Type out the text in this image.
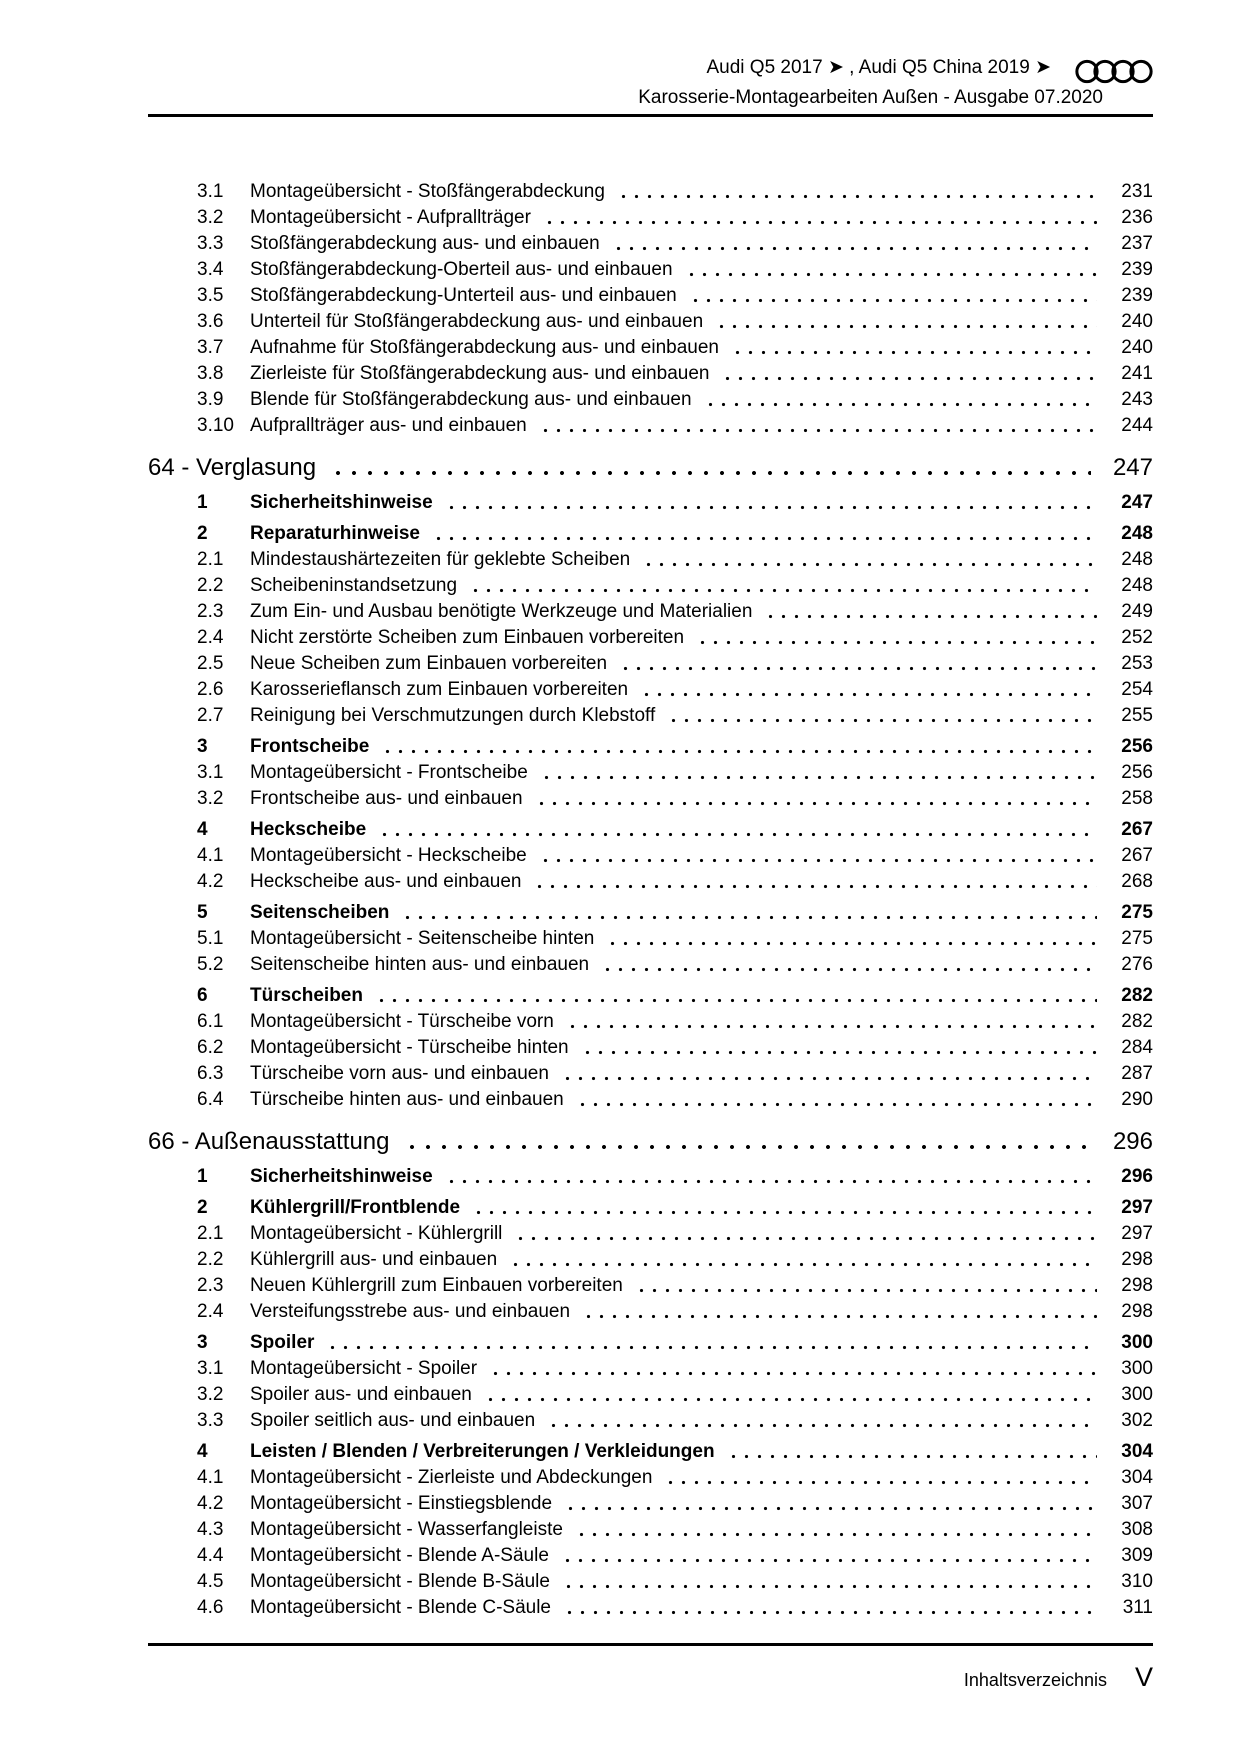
Audi Q5 2017 ➤ , Audi Q5 China 2019 ➤
Karosserie-Montagearbeiten Außen - Ausgabe 07.2020
3.1	Montageübersicht - Stoßfängerabdeckung	231
3.2	Montageübersicht - Aufprallträger	236
3.3	Stoßfängerabdeckung aus- und einbauen	237
3.4	Stoßfängerabdeckung-Oberteil aus- und einbauen	239
3.5	Stoßfängerabdeckung-Unterteil aus- und einbauen	239
3.6	Unterteil für Stoßfängerabdeckung aus- und einbauen	240
3.7	Aufnahme für Stoßfängerabdeckung aus- und einbauen	240
3.8	Zierleiste für Stoßfängerabdeckung aus- und einbauen	241
3.9	Blende für Stoßfängerabdeckung aus- und einbauen	243
3.10 Aufprallträger aus- und einbauen	244
64 - Verglasung	247
1	Sicherheitshinweise	247
2	Reparaturhinweise	248
2.1	Mindestaushärtezeiten für geklebte Scheiben	248
2.2	Scheibeninstandsetzung	248
2.3	Zum Ein- und Ausbau benötigte Werkzeuge und Materialien	249
2.4	Nicht zerstörte Scheiben zum Einbauen vorbereiten	252
2.5	Neue Scheiben zum Einbauen vorbereiten	253
2.6	Karosserieflansch zum Einbauen vorbereiten	254
2.7	Reinigung bei Verschmutzungen durch Klebstoff	255
3	Frontscheibe	256
3.1	Montageübersicht - Frontscheibe	256
3.2	Frontscheibe aus- und einbauen	258
4	Heckscheibe	267
4.1	Montageübersicht - Heckscheibe	267
4.2	Heckscheibe aus- und einbauen	268
5	Seitenscheiben	275
5.1	Montageübersicht - Seitenscheibe hinten	275
5.2	Seitenscheibe hinten aus- und einbauen	276
6	Türscheiben	282
6.1	Montageübersicht - Türscheibe vorn	282
6.2	Montageübersicht - Türscheibe hinten	284
6.3	Türscheibe vorn aus- und einbauen	287
6.4	Türscheibe hinten aus- und einbauen	290
66 - Außenausstattung	296
1	Sicherheitshinweise	296
2	Kühlergrill/Frontblende	297
2.1	Montageübersicht - Kühlergrill	297
2.2	Kühlergrill aus- und einbauen	298
2.3	Neuen Kühlergrill zum Einbauen vorbereiten	298
2.4	Versteifungsstrebe aus- und einbauen	298
3	Spoiler	300
3.1	Montageübersicht - Spoiler	300
3.2	Spoiler aus- und einbauen	300
3.3	Spoiler seitlich aus- und einbauen	302
4	Leisten / Blenden / Verbreiterungen / Verkleidungen	304
4.1	Montageübersicht - Zierleiste und Abdeckungen	304
4.2	Montageübersicht - Einstiegsblende	307
4.3	Montageübersicht - Wasserfangleiste	308
4.4	Montageübersicht - Blende A-Säule	309
4.5	Montageübersicht - Blende B-Säule	310
4.6	Montageübersicht - Blende C-Säule	311
Inhaltsverzeichnis V
